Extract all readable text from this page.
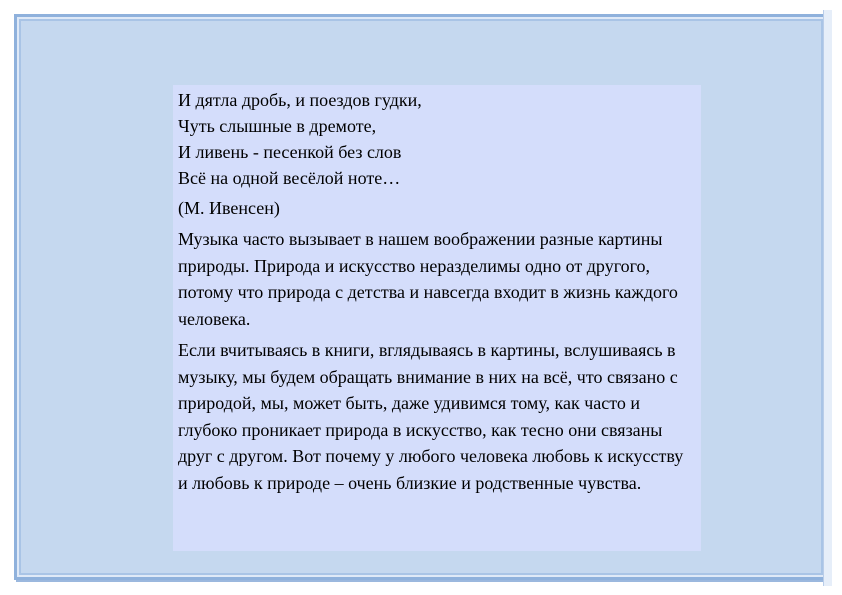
И дятла дробь, и поездов гудки,
Чуть слышные в дремоте,
И ливень - песенкой без слов
Всё на одной весёлой ноте…
(М. Ивенсен)
Музыка часто вызывает в нашем воображении разные картины природы. Природа и искусство неразделимы одно от другого, потому что природа с детства и навсегда входит в жизнь каждого человека.
Если вчитываясь в книги, вглядываясь в картины, вслушиваясь в музыку, мы будем обращать внимание в них на всё, что связано с природой, мы, может быть, даже удивимся тому, как часто и глубоко проникает природа в искусство, как тесно они связаны друг с другом. Вот почему у любого человека любовь к искусству и любовь к природе – очень близкие и родственные чувства.
